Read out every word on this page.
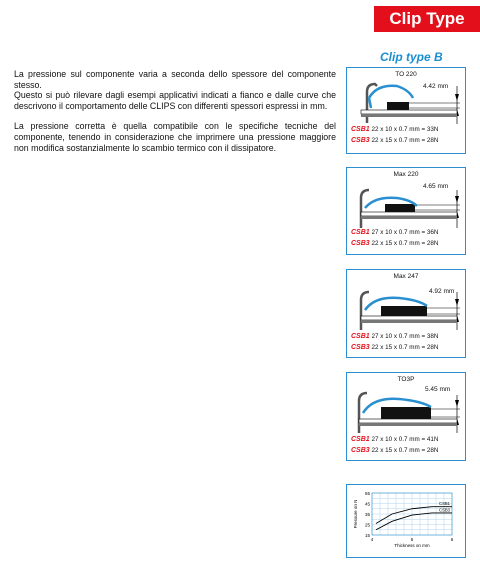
Clip Type
Clip type B

La pressione sul componente varia a seconda dello spessore del componente stesso.
Questo si può rilevare dagli esempi applicativi indicati a fianco e dalle curve che descrivono il comportamento delle CLIPS con differenti spessori espressi in mm.

La pressione corretta è quella compatibile con le specifiche tecniche del componente, tenendo in considerazione che imprimere una pressione maggiore non modifica sostanzialmente lo scambio termico con il dissipatore.

TO 220
4.42 mm
CSB1 22 x 10 x 0.7 mm = 33N
CSB3 22 x 15 x 0.7 mm = 28N
Max 220
4.65 mm
CSB1 27 x 10 x 0.7 mm = 36N
CSB3 22 x 15 x 0.7 mm = 28N
Max 247
4.92 mm
CSB1 27 x 10 x 0.7 mm = 38N
CSB3 22 x 15 x 0.7 mm = 28N
TO3P
5.45 mm
CSB1 27 x 10 x 0.7 mm = 41N
CSB3 22 x 15 x 0.7 mm = 28N
55
45
35
25
15
4	5	6
Thickness on mm
Pressure on N	CSB1
CSB3
